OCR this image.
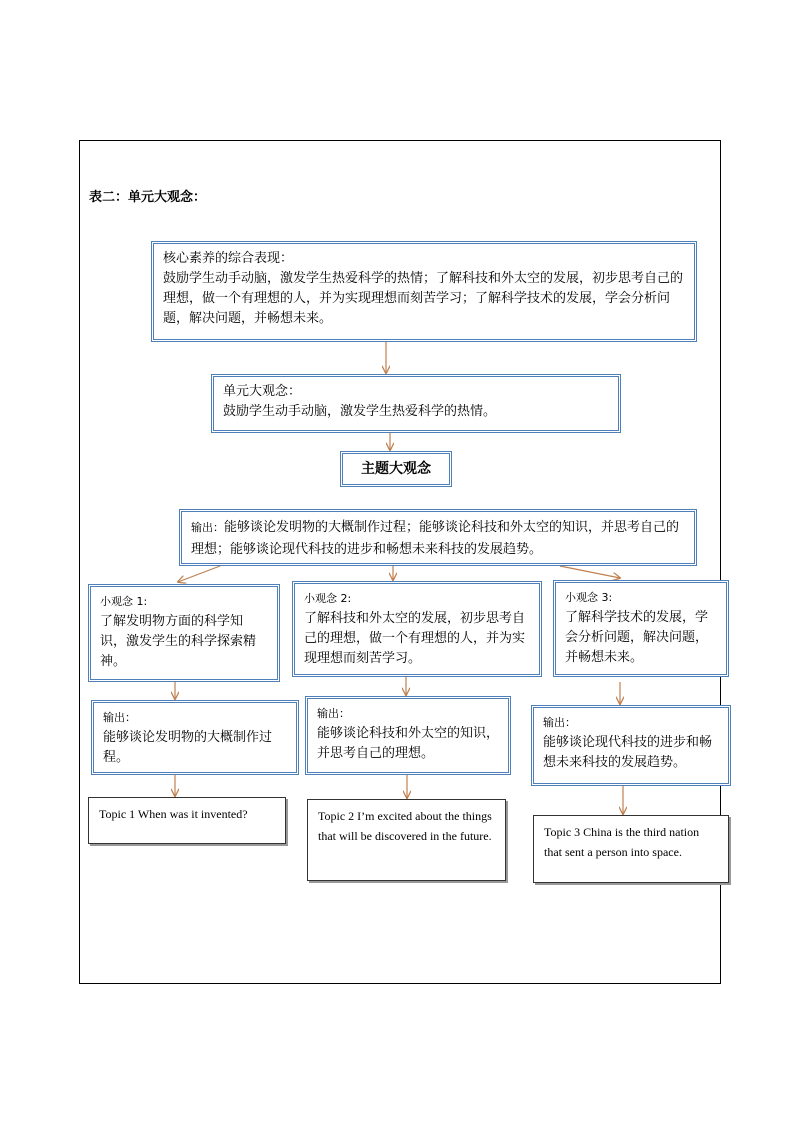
表二：单元大观念：
核心素养的综合表现：
鼓励学生动手动脑，激发学生热爱科学的热情；了解科技和外太空的发展，初步思考自己的理想，做一个有理想的人，并为实现理想而刻苦学习；了解科学技术的发展，学会分析问题，解决问题，并畅想未来。
单元大观念：
鼓励学生动手动脑，激发学生热爱科学的热情。
主题大观念
输出：能够谈论发明物的大概制作过程；能够谈论科技和外太空的知识，并思考自己的理想；能够谈论现代科技的进步和畅想未来科技的发展趋势。
小观念 1:
了解发明物方面的科学知识，激发学生的科学探索精神。
小观念 2:
了解科技和外太空的发展，初步思考自己的理想，做一个有理想的人，并为实现理想而刻苦学习。
小观念 3:
了解科学技术的发展，学会分析问题，解决问题，并畅想未来。
输出：
能够谈论发明物的大概制作过程。
输出：
能够谈论科技和外太空的知识，并思考自己的理想。
输出：
能够谈论现代科技的进步和畅想未来科技的发展趋势。
Topic 1 When was it invented?	Topic 2 I’m excited about the things that will be discovered in the future.	Topic 3 China is the third nation that sent a person into space.
